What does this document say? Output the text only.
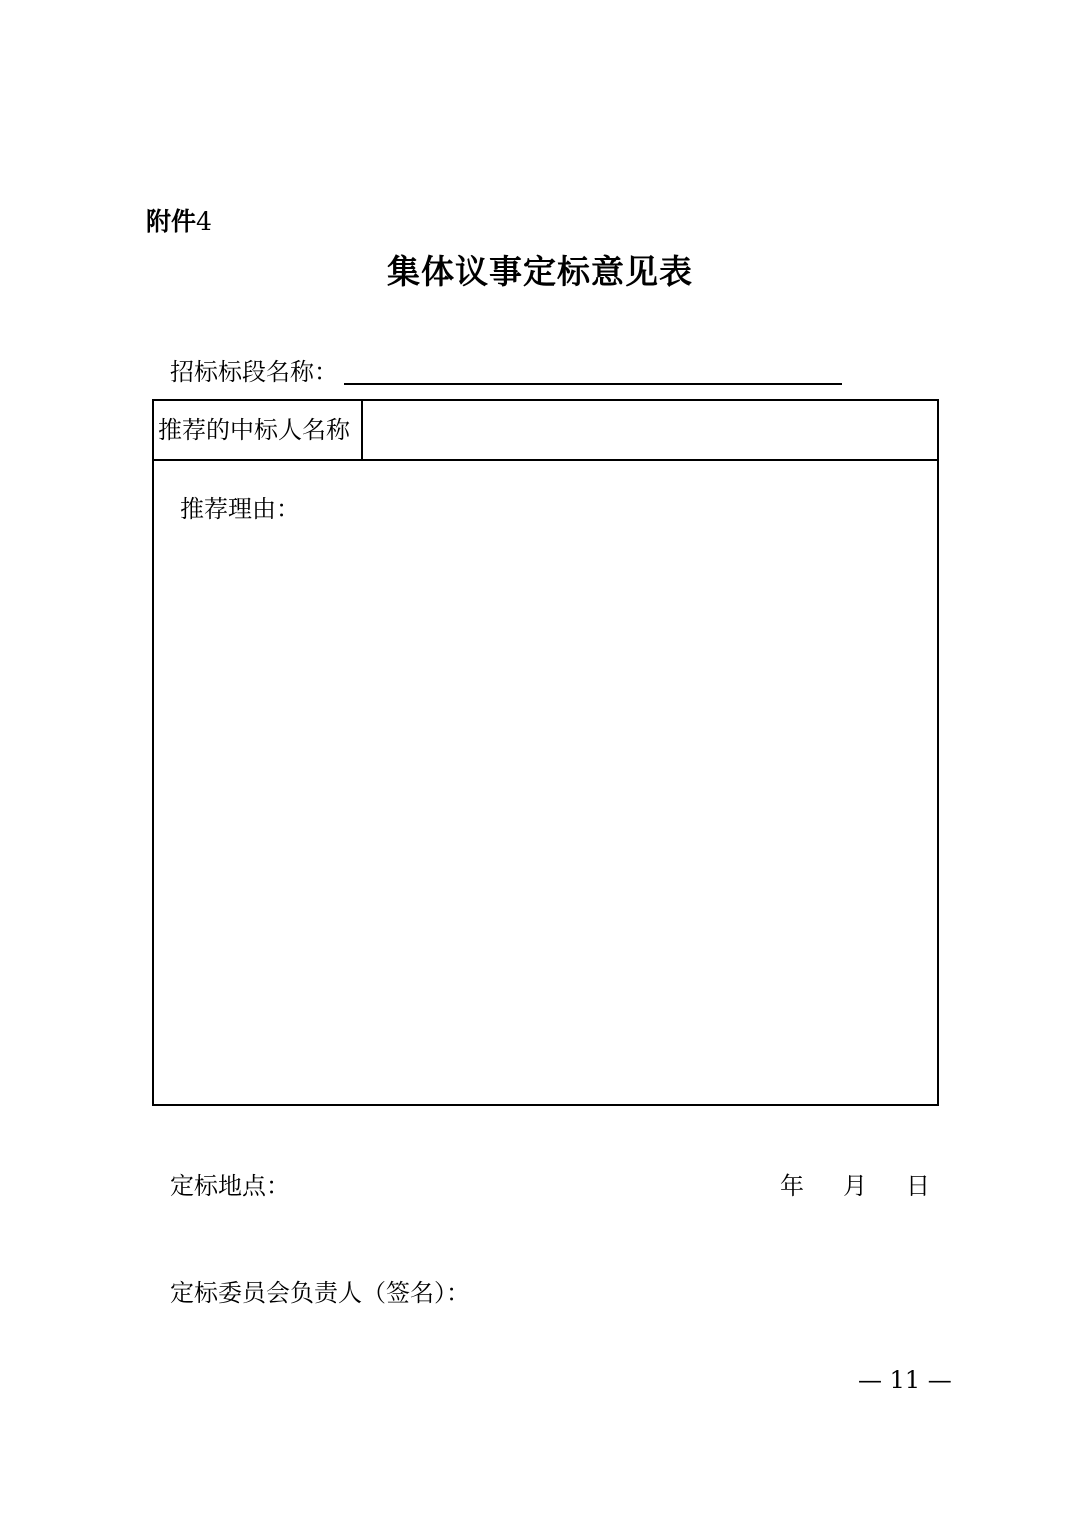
附件4
集体议事定标意见表
招标标段名称：
推荐的中标人名称
推荐理由：
定标地点：	年 月 日
定标委员会负责人（签名）：
— 11 —
